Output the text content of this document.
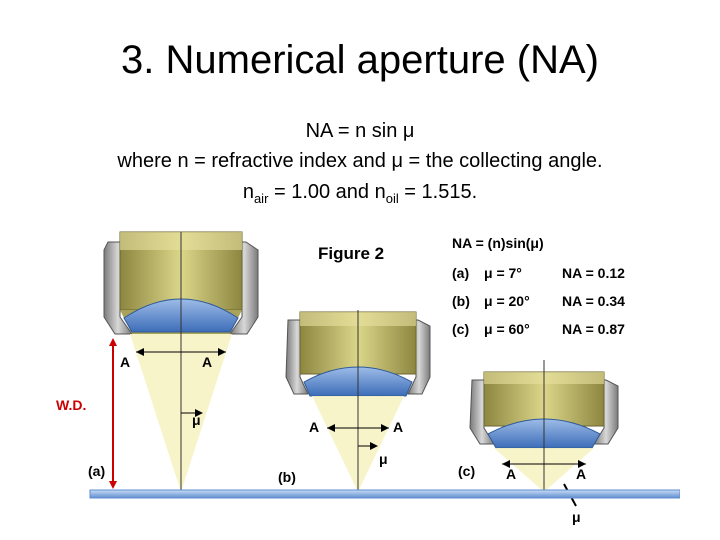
3. Numerical aperture (NA)
NA = n sin μ
where n = refractive index and μ = the collecting angle.
$n_{air} = 1.00$ and $n_{oil} = 1.515$.
A	A
μ
W.D.
A	A
μ
A	A
μ
(a)	(b)	(c)
Figure 2
NA = (n)sin(μ)
(a) μ = 7°	NA = 0.12
(b) μ = 20° NA = 0.34
(c) μ = 60° NA = 0.87
